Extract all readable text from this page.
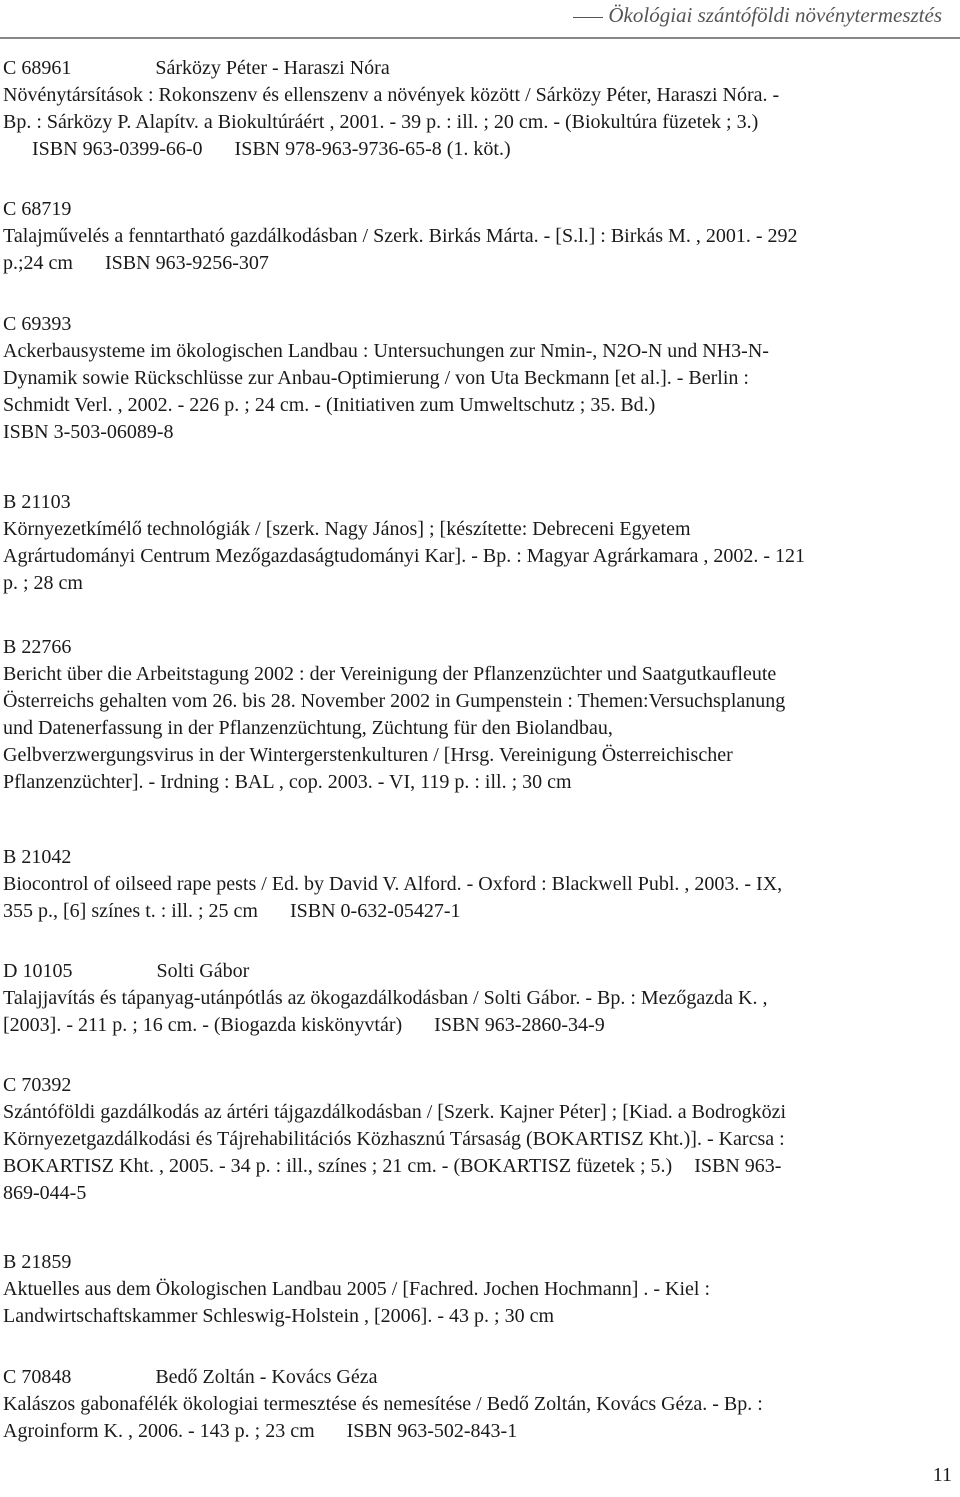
Ökológiai szántóföldi növénytermesztés
C 68961	Sárközy Péter - Haraszi Nóra
Növénytársítások : Rokonszenv és ellenszenv a növények között / Sárközy Péter, Haraszi Nóra. -
Bp. : Sárközy P. Alapítv. a Biokultúráért , 2001. - 39 p. : ill. ; 20 cm. - (Biokultúra füzetek ; 3.)
ISBN 963-0399-66-0 ISBN 978-963-9736-65-8 (1. köt.)
C 68719
Talajművelés a fenntartható gazdálkodásban / Szerk. Birkás Márta. - [S.l.] : Birkás M. , 2001. - 292
p.;24 cm ISBN 963-9256-307
C 69393
Ackerbausysteme im ökologischen Landbau : Untersuchungen zur Nmin-, N2O-N und NH3-N-
Dynamik sowie Rückschlüsse zur Anbau-Optimierung / von Uta Beckmann [et al.]. - Berlin :
Schmidt Verl. , 2002. - 226 p. ; 24 cm. - (Initiativen zum Umweltschutz ; 35. Bd.)
ISBN 3-503-06089-8
B 21103
Környezetkímélő technológiák / [szerk. Nagy János] ; [készítette: Debreceni Egyetem
Agrártudományi Centrum Mezőgazdaságtudományi Kar]. - Bp. : Magyar Agrárkamara , 2002. - 121
p. ; 28 cm
B 22766
Bericht über die Arbeitstagung 2002 : der Vereinigung der Pflanzenzüchter und Saatgutkaufleute
Österreichs gehalten vom 26. bis 28. November 2002 in Gumpenstein : Themen:Versuchsplanung
und Datenerfassung in der Pflanzenzüchtung, Züchtung für den Biolandbau,
Gelbverzwergungsvirus in der Wintergerstenkulturen / [Hrsg. Vereinigung Österreichischer
Pflanzenzüchter]. - Irdning : BAL , cop. 2003. - VI, 119 p. : ill. ; 30 cm
B 21042
Biocontrol of oilseed rape pests / Ed. by David V. Alford. - Oxford : Blackwell Publ. , 2003. - IX,
355 p., [6] színes t. : ill. ; 25 cm ISBN 0-632-05427-1
D 10105	Solti Gábor
Talajjavítás és tápanyag-utánpótlás az ökogazdálkodásban / Solti Gábor. - Bp. : Mezőgazda K. ,
[2003]. - 211 p. ; 16 cm. - (Biogazda kiskönyvtár) ISBN 963-2860-34-9
C 70392
Szántóföldi gazdálkodás az ártéri tájgazdálkodásban / [Szerk. Kajner Péter] ; [Kiad. a Bodrogközi
Környezetgazdálkodási és Tájrehabilitációs Közhasznú Társaság (BOKARTISZ Kht.)]. - Karcsa :
BOKARTISZ Kht. , 2005. - 34 p. : ill., színes ; 21 cm. - (BOKARTISZ füzetek ; 5.) ISBN 963-
869-044-5
B 21859
Aktuelles aus dem Ökologischen Landbau 2005 / [Fachred. Jochen Hochmann] . - Kiel :
Landwirtschaftskammer Schleswig-Holstein , [2006]. - 43 p. ; 30 cm
C 70848	Bedő Zoltán - Kovács Géza
Kalászos gabonafélék ökologiai termesztése és nemesítése / Bedő Zoltán, Kovács Géza. - Bp. :
Agroinform K. , 2006. - 143 p. ; 23 cm ISBN 963-502-843-1
11
